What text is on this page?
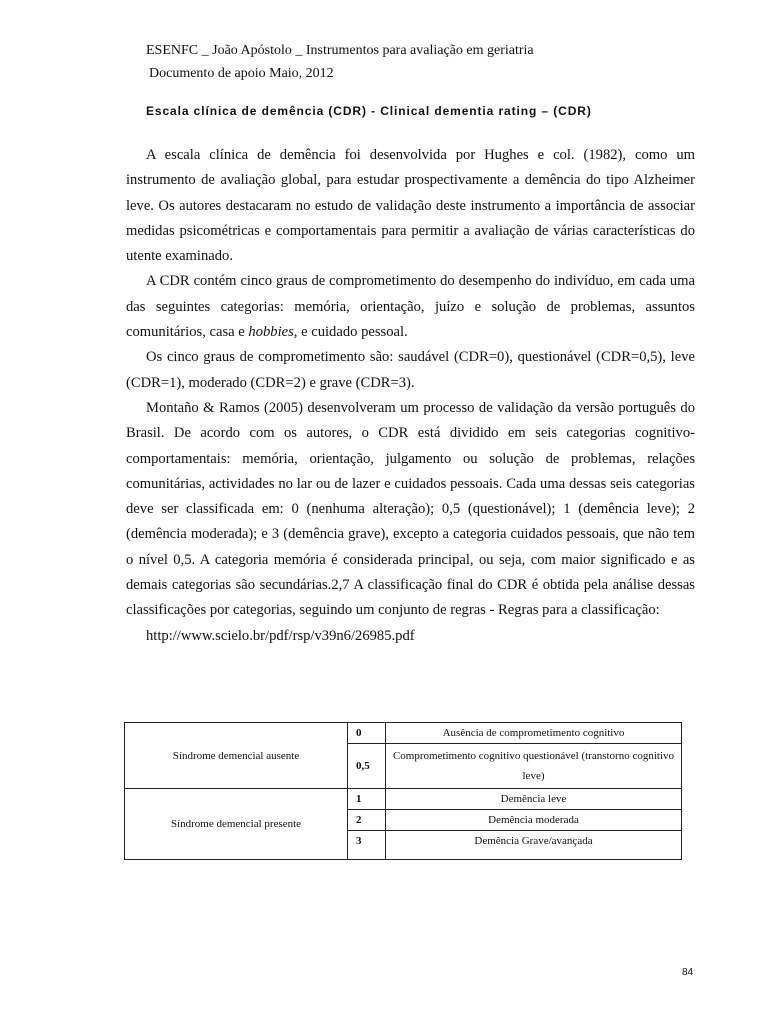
ESENFC _ João Apóstolo _ Instrumentos para avaliação em geriatria
Documento de apoio Maio, 2012
Escala clínica de demência (CDR) - Clinical dementia rating – (CDR)

A escala clínica de demência foi desenvolvida por Hughes e col. (1982), como um instrumento de avaliação global, para estudar prospectivamente a demência do tipo Alzheimer leve. Os autores destacaram no estudo de validação deste instrumento a importância de associar medidas psicométricas e comportamentais para permitir a avaliação de várias características do utente examinado.

A CDR contém cinco graus de comprometimento do desempenho do indivíduo, em cada uma das seguintes categorias: memória, orientação, juízo e solução de problemas, assuntos comunitários, casa e hobbies, e cuidado pessoal.

Os cinco graus de comprometimento são: saudável (CDR=0), questionável (CDR=0,5), leve (CDR=1), moderado (CDR=2) e grave (CDR=3).

Montaño & Ramos (2005) desenvolveram um processo de validação da versão português do Brasil. De acordo com os autores, o CDR está dividido em seis categorias cognitivo-comportamentais: memória, orientação, julgamento ou solução de problemas, relações comunitárias, actividades no lar ou de lazer e cuidados pessoais. Cada uma dessas seis categorias deve ser classificada em: 0 (nenhuma alteração); 0,5 (questionável); 1 (demência leve); 2 (demência moderada); e 3 (demência grave), excepto a categoria cuidados pessoais, que não tem o nível 0,5. A categoria memória é considerada principal, ou seja, com maior significado e as demais categorias são secundárias.2,7 A classificação final do CDR é obtida pela análise dessas classificações por categorias, seguindo um conjunto de regras - Regras para a classificação:

http://www.scielo.br/pdf/rsp/v39n6/26985.pdf

Síndrome demencial ausente	0	Ausência de comprometimento cognitivo
	0,5	Comprometimento cognitivo questionável (transtorno cognitivo leve)
Síndrome demencial presente	1	Demência leve
	2	Demência moderada
	3	Demência Grave/avançada
84
